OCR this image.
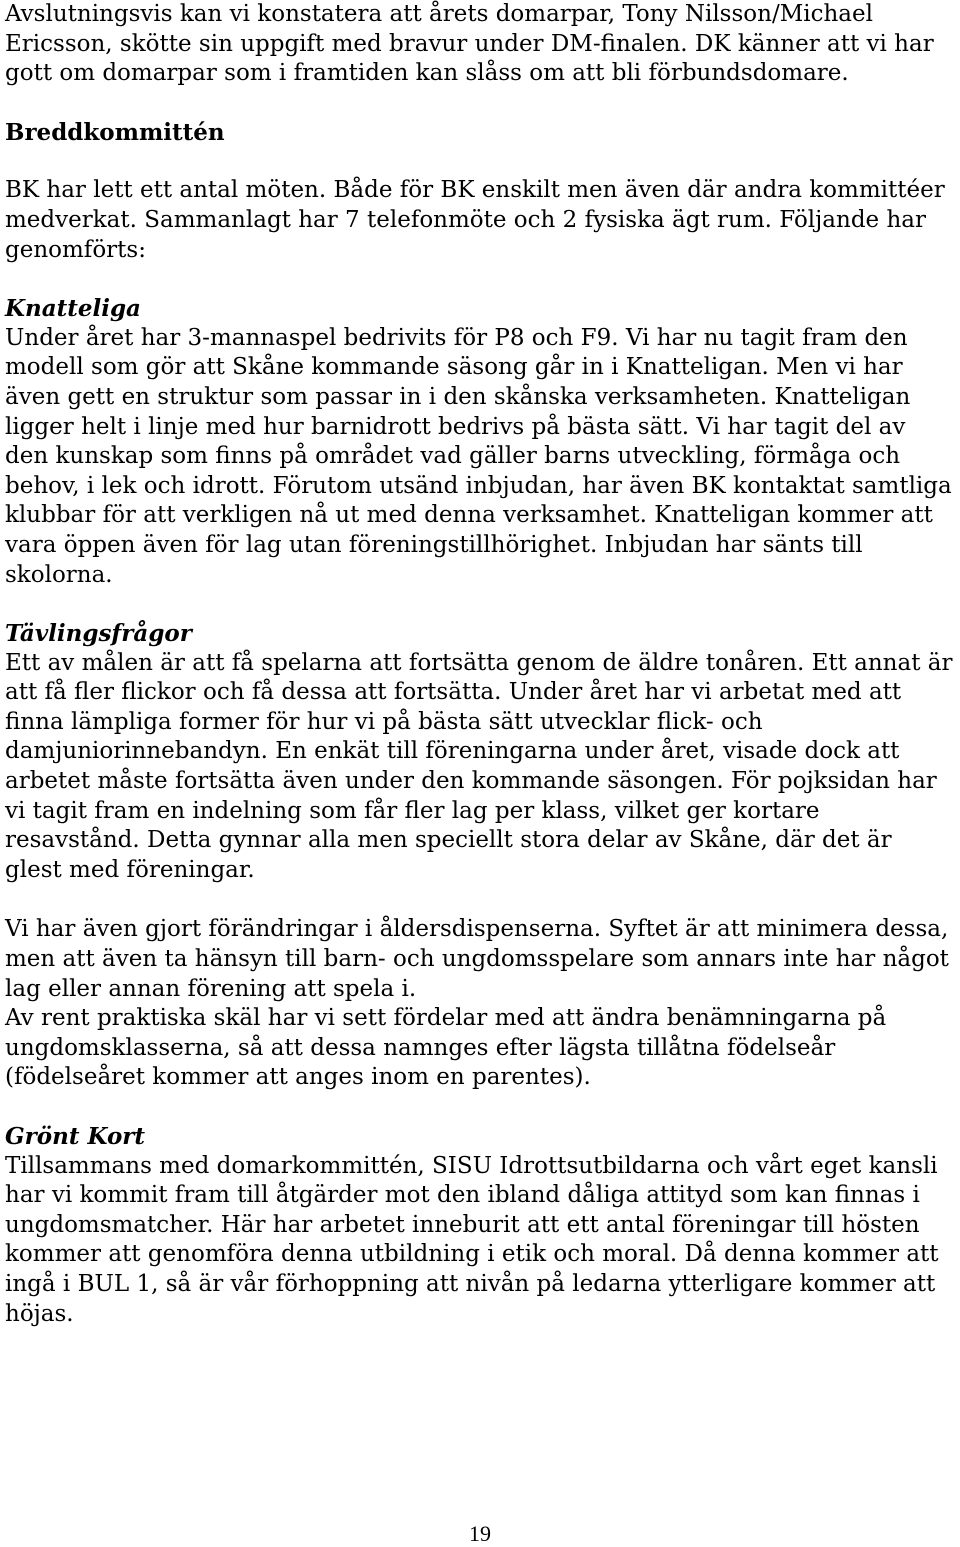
Avslutningsvis kan vi konstatera att årets domarpar, Tony Nilsson/Michael Ericsson, skötte sin uppgift med bravur under DM-finalen. DK känner att vi har gott om domarpar som i framtiden kan slåss om att bli förbundsdomare.

Breddkommittén

BK har lett ett antal möten. Både för BK enskilt men även där andra kommittéer medverkat. Sammanlagt har 7 telefonmöte och 2 fysiska ägt rum. Följande har genomförts:

Knatteliga

Under året har 3-mannaspel bedrivits för P8 och F9. Vi har nu tagit fram den modell som gör att Skåne kommande säsong går in i Knatteligan. Men vi har även gett en struktur som passar in i den skånska verksamheten. Knatteligan ligger helt i linje med hur barnidrott bedrivs på bästa sätt. Vi har tagit del av den kunskap som finns på området vad gäller barns utveckling, förmåga och behov, i lek och idrott. Förutom utsänd inbjudan, har även BK kontaktat samtliga klubbar för att verkligen nå ut med denna verksamhet. Knatteligan kommer att vara öppen även för lag utan föreningstillhörighet. Inbjudan har sänts till skolorna.

Tävlingsfrågor

Ett av målen är att få spelarna att fortsätta genom de äldre tonåren. Ett annat är att få fler flickor och få dessa att fortsätta. Under året har vi arbetat med att finna lämpliga former för hur vi på bästa sätt utvecklar flick- och damjuniorinnebandyn. En enkät till föreningarna under året, visade dock att arbetet måste fortsätta även under den kommande säsongen. För pojksidan har vi tagit fram en indelning som får fler lag per klass, vilket ger kortare resavstånd. Detta gynnar alla men speciellt stora delar av Skåne, där det är glest med föreningar.

Vi har även gjort förändringar i åldersdispenserna. Syftet är att minimera dessa, men att även ta hänsyn till barn- och ungdomsspelare som annars inte har något lag eller annan förening att spela i.

Av rent praktiska skäl har vi sett fördelar med att ändra benämningarna på ungdomsklasserna, så att dessa namnges efter lägsta tillåtna födelseår (födelseåret kommer att anges inom en parentes).

Grönt Kort

Tillsammans med domarkommittén, SISU Idrottsutbildarna och vårt eget kansli har vi kommit fram till åtgärder mot den ibland dåliga attityd som kan finnas i ungdomsmatcher. Här har arbetet inneburit att ett antal föreningar till hösten kommer att genomföra denna utbildning i etik och moral. Då denna kommer att ingå i BUL 1, så är vår förhoppning att nivån på ledarna ytterligare kommer att höjas.

19
